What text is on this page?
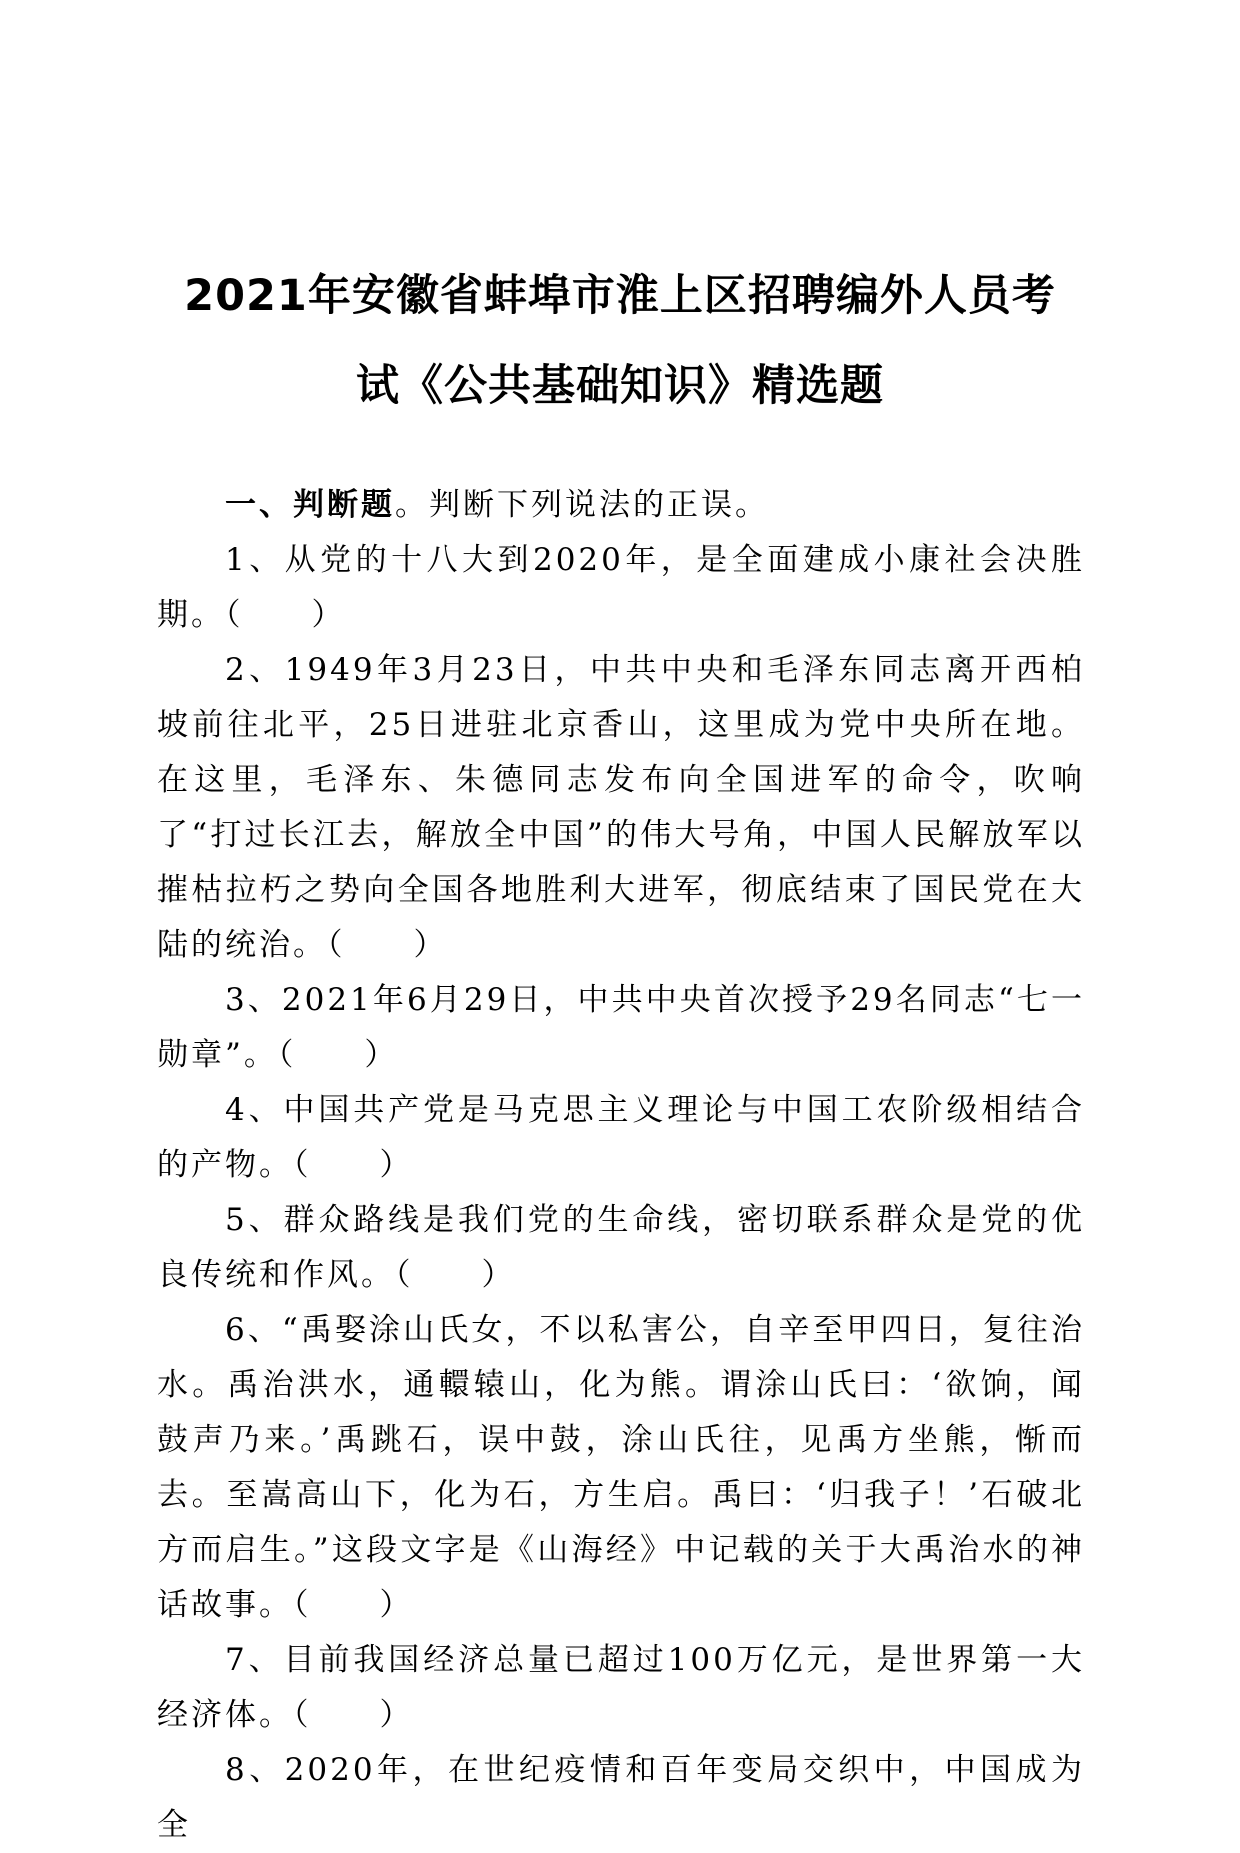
2021年安徽省蚌埠市淮上区招聘编外人员考
试《公共基础知识》精选题

一、判断题。判断下列说法的正误。

1、从党的十八大到2020年，是全面建成小康社会决胜期。（　　）

2、1949年3月23日，中共中央和毛泽东同志离开西柏坡前往北平，25日进驻北京香山，这里成为党中央所在地。在这里，毛泽东、朱德同志发布向全国进军的命令，吹响了“打过长江去，解放全中国”的伟大号角，中国人民解放军以摧枯拉朽之势向全国各地胜利大进军，彻底结束了国民党在大陆的统治。（　　）

3、2021年6月29日，中共中央首次授予29名同志“七一勋章”。（　　）

4、中国共产党是马克思主义理论与中国工农阶级相结合的产物。（　　）

5、群众路线是我们党的生命线，密切联系群众是党的优良传统和作风。（　　）

6、“禹娶涂山氏女，不以私害公，自辛至甲四日，复往治水。禹治洪水，通轘辕山，化为熊。谓涂山氏曰：‘欲饷，闻鼓声乃来。’禹跳石，误中鼓，涂山氏往，见禹方坐熊，惭而去。至嵩高山下，化为石，方生启。禹曰：‘归我子！’石破北方而启生。”这段文字是《山海经》中记载的关于大禹治水的神话故事。（　　）

7、目前我国经济总量已超过100万亿元，是世界第一大经济体。（　　）

8、2020年，在世纪疫情和百年变局交织中，中国成为全
